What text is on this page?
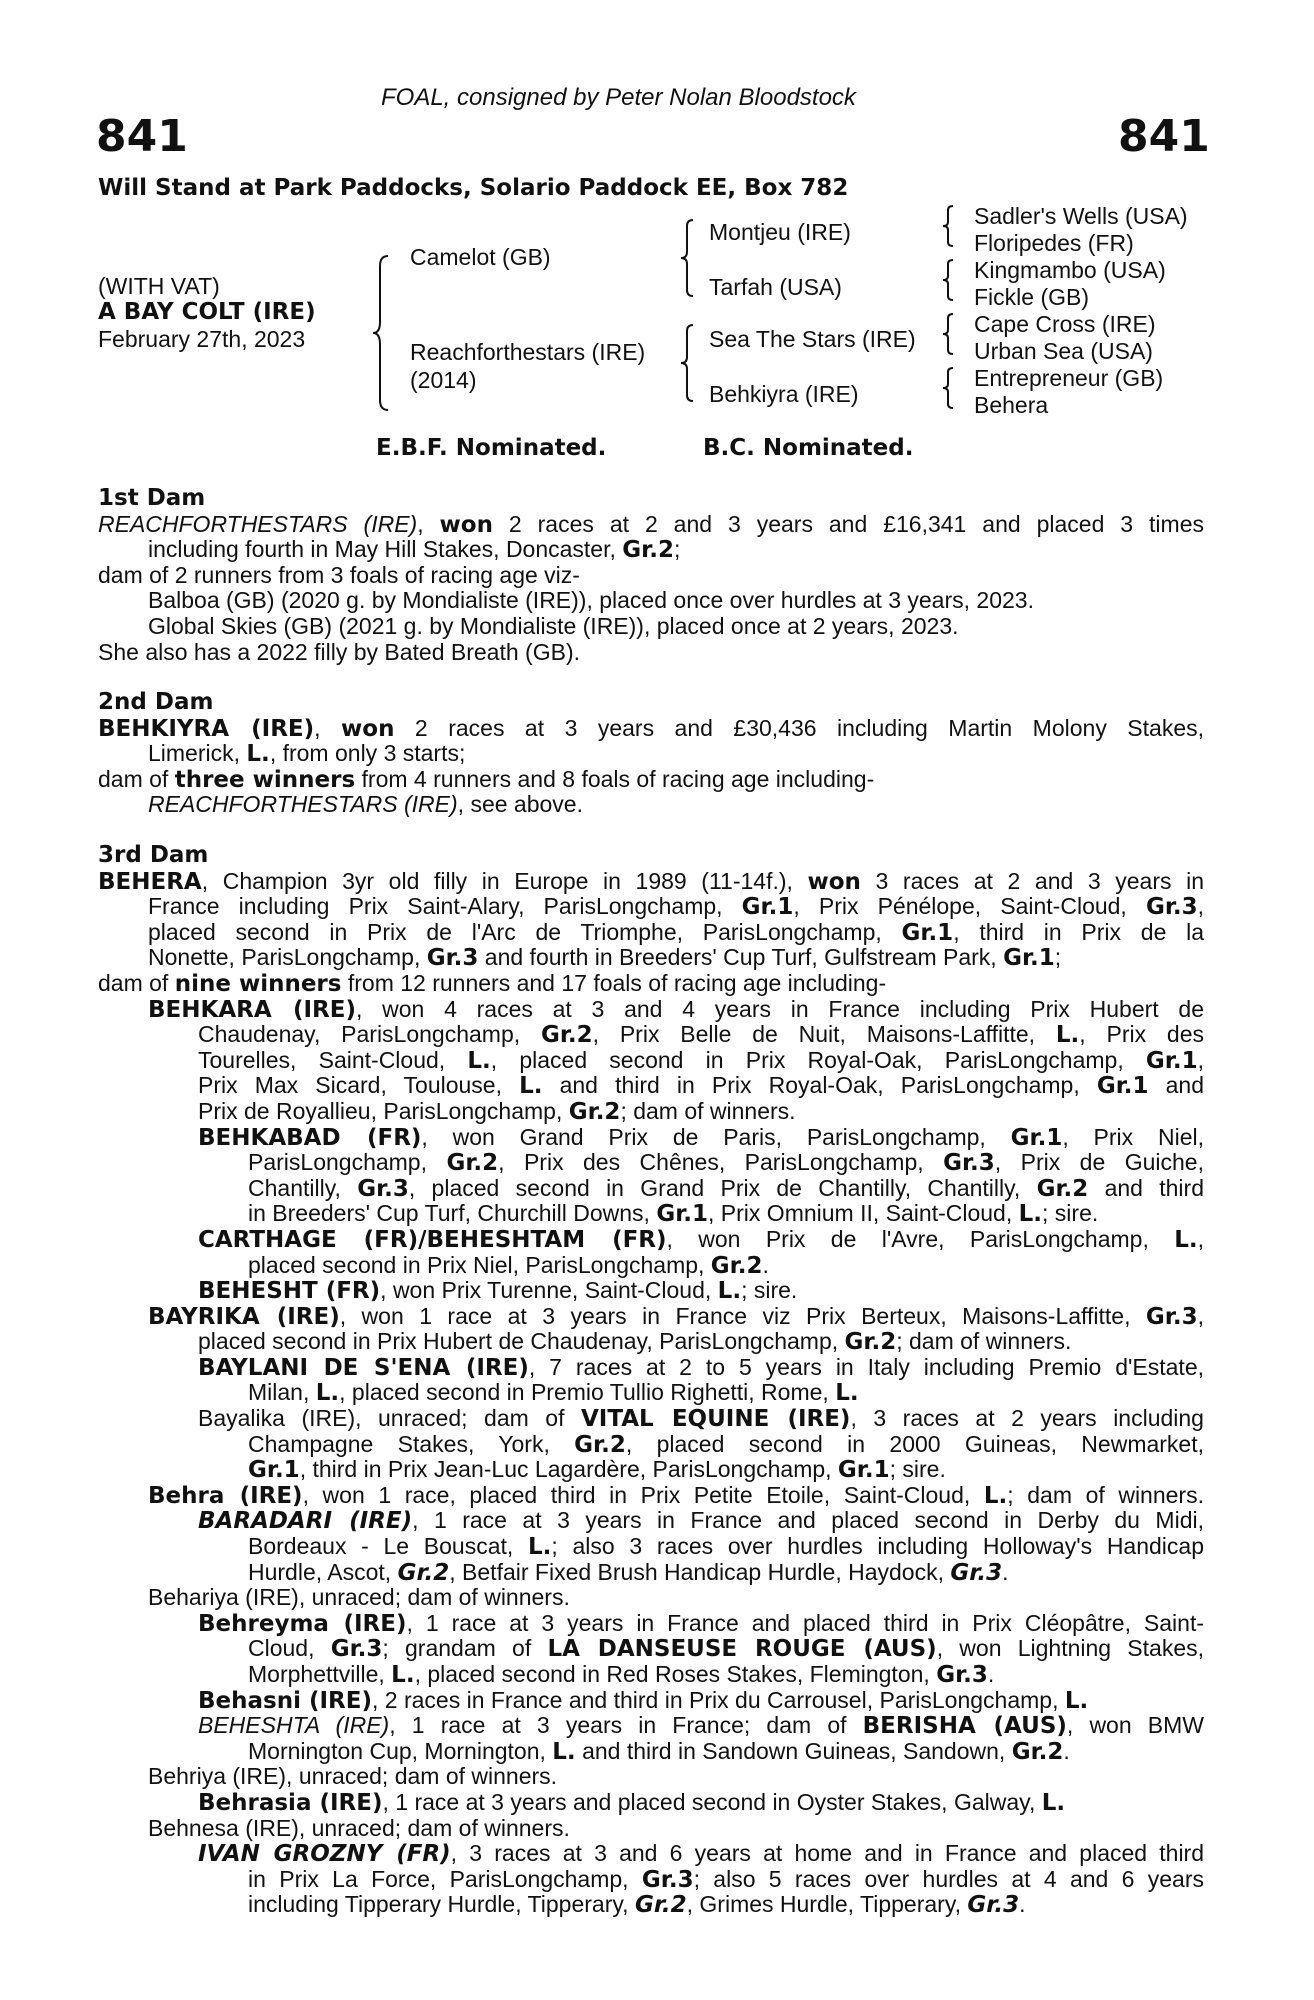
FOAL, consigned by Peter Nolan Bloodstock
841	841
Will Stand at Park Paddocks, Solario Paddock EE, Box 782
(WITH VAT)
A BAY COLT (IRE)
February 27th, 2023
Camelot (GB)
Reachforthestars (IRE)
(2014)
Montjeu (IRE)
Tarfah (USA)
Sea The Stars (IRE)
Behkiyra (IRE)
Sadler's Wells (USA)
Floripedes (FR)
Kingmambo (USA)
Fickle (GB)
Cape Cross (IRE)
Urban Sea (USA)
Entrepreneur (GB)
Behera
E.B.F. Nominated.	B.C. Nominated.
1st Dam
REACHFORTHESTARS (IRE), won 2 races at 2 and 3 years and £16,341 and placed 3 times
including fourth in May Hill Stakes, Doncaster, Gr.2;
dam of 2 runners from 3 foals of racing age viz-
Balboa (GB) (2020 g. by Mondialiste (IRE)), placed once over hurdles at 3 years, 2023.
Global Skies (GB) (2021 g. by Mondialiste (IRE)), placed once at 2 years, 2023.
She also has a 2022 filly by Bated Breath (GB).
2nd Dam
BEHKIYRA (IRE), won 2 races at 3 years and £30,436 including Martin Molony Stakes,
Limerick, L., from only 3 starts;
dam of three winners from 4 runners and 8 foals of racing age including-
REACHFORTHESTARS (IRE), see above.
3rd Dam
BEHERA, Champion 3yr old filly in Europe in 1989 (11-14f.), won 3 races at 2 and 3 years in
France including Prix Saint-Alary, ParisLongchamp, Gr.1, Prix Pénélope, Saint-Cloud, Gr.3,
placed second in Prix de l'Arc de Triomphe, ParisLongchamp, Gr.1, third in Prix de la
Nonette, ParisLongchamp, Gr.3 and fourth in Breeders' Cup Turf, Gulfstream Park, Gr.1;
dam of nine winners from 12 runners and 17 foals of racing age including-
BEHKARA (IRE), won 4 races at 3 and 4 years in France including Prix Hubert de
Chaudenay, ParisLongchamp, Gr.2, Prix Belle de Nuit, Maisons-Laffitte, L., Prix des
Tourelles, Saint-Cloud, L., placed second in Prix Royal-Oak, ParisLongchamp, Gr.1,
Prix Max Sicard, Toulouse, L. and third in Prix Royal-Oak, ParisLongchamp, Gr.1 and
Prix de Royallieu, ParisLongchamp, Gr.2; dam of winners.
BEHKABAD (FR), won Grand Prix de Paris, ParisLongchamp, Gr.1, Prix Niel,
ParisLongchamp, Gr.2, Prix des Chênes, ParisLongchamp, Gr.3, Prix de Guiche,
Chantilly, Gr.3, placed second in Grand Prix de Chantilly, Chantilly, Gr.2 and third
in Breeders' Cup Turf, Churchill Downs, Gr.1, Prix Omnium II, Saint-Cloud, L.; sire.
CARTHAGE (FR)/BEHESHTAM (FR), won Prix de l'Avre, ParisLongchamp, L.,
placed second in Prix Niel, ParisLongchamp, Gr.2.
BEHESHT (FR), won Prix Turenne, Saint-Cloud, L.; sire.
BAYRIKA (IRE), won 1 race at 3 years in France viz Prix Berteux, Maisons-Laffitte, Gr.3,
placed second in Prix Hubert de Chaudenay, ParisLongchamp, Gr.2; dam of winners.
BAYLANI DE S'ENA (IRE), 7 races at 2 to 5 years in Italy including Premio d'Estate,
Milan, L., placed second in Premio Tullio Righetti, Rome, L.
Bayalika (IRE), unraced; dam of VITAL EQUINE (IRE), 3 races at 2 years including
Champagne Stakes, York, Gr.2, placed second in 2000 Guineas, Newmarket,
Gr.1, third in Prix Jean-Luc Lagardère, ParisLongchamp, Gr.1; sire.
Behra (IRE), won 1 race, placed third in Prix Petite Etoile, Saint-Cloud, L.; dam of winners.
BARADARI (IRE), 1 race at 3 years in France and placed second in Derby du Midi,
Bordeaux - Le Bouscat, L.; also 3 races over hurdles including Holloway's Handicap
Hurdle, Ascot, Gr.2, Betfair Fixed Brush Handicap Hurdle, Haydock, Gr.3.
Behariya (IRE), unraced; dam of winners.
Behreyma (IRE), 1 race at 3 years in France and placed third in Prix Cléopâtre, Saint-
Cloud, Gr.3; grandam of LA DANSEUSE ROUGE (AUS), won Lightning Stakes,
Morphettville, L., placed second in Red Roses Stakes, Flemington, Gr.3.
Behasni (IRE), 2 races in France and third in Prix du Carrousel, ParisLongchamp, L.
BEHESHTA (IRE), 1 race at 3 years in France; dam of BERISHA (AUS), won BMW
Mornington Cup, Mornington, L. and third in Sandown Guineas, Sandown, Gr.2.
Behriya (IRE), unraced; dam of winners.
Behrasia (IRE), 1 race at 3 years and placed second in Oyster Stakes, Galway, L.
Behnesa (IRE), unraced; dam of winners.
IVAN GROZNY (FR), 3 races at 3 and 6 years at home and in France and placed third
in Prix La Force, ParisLongchamp, Gr.3; also 5 races over hurdles at 4 and 6 years
including Tipperary Hurdle, Tipperary, Gr.2, Grimes Hurdle, Tipperary, Gr.3.
